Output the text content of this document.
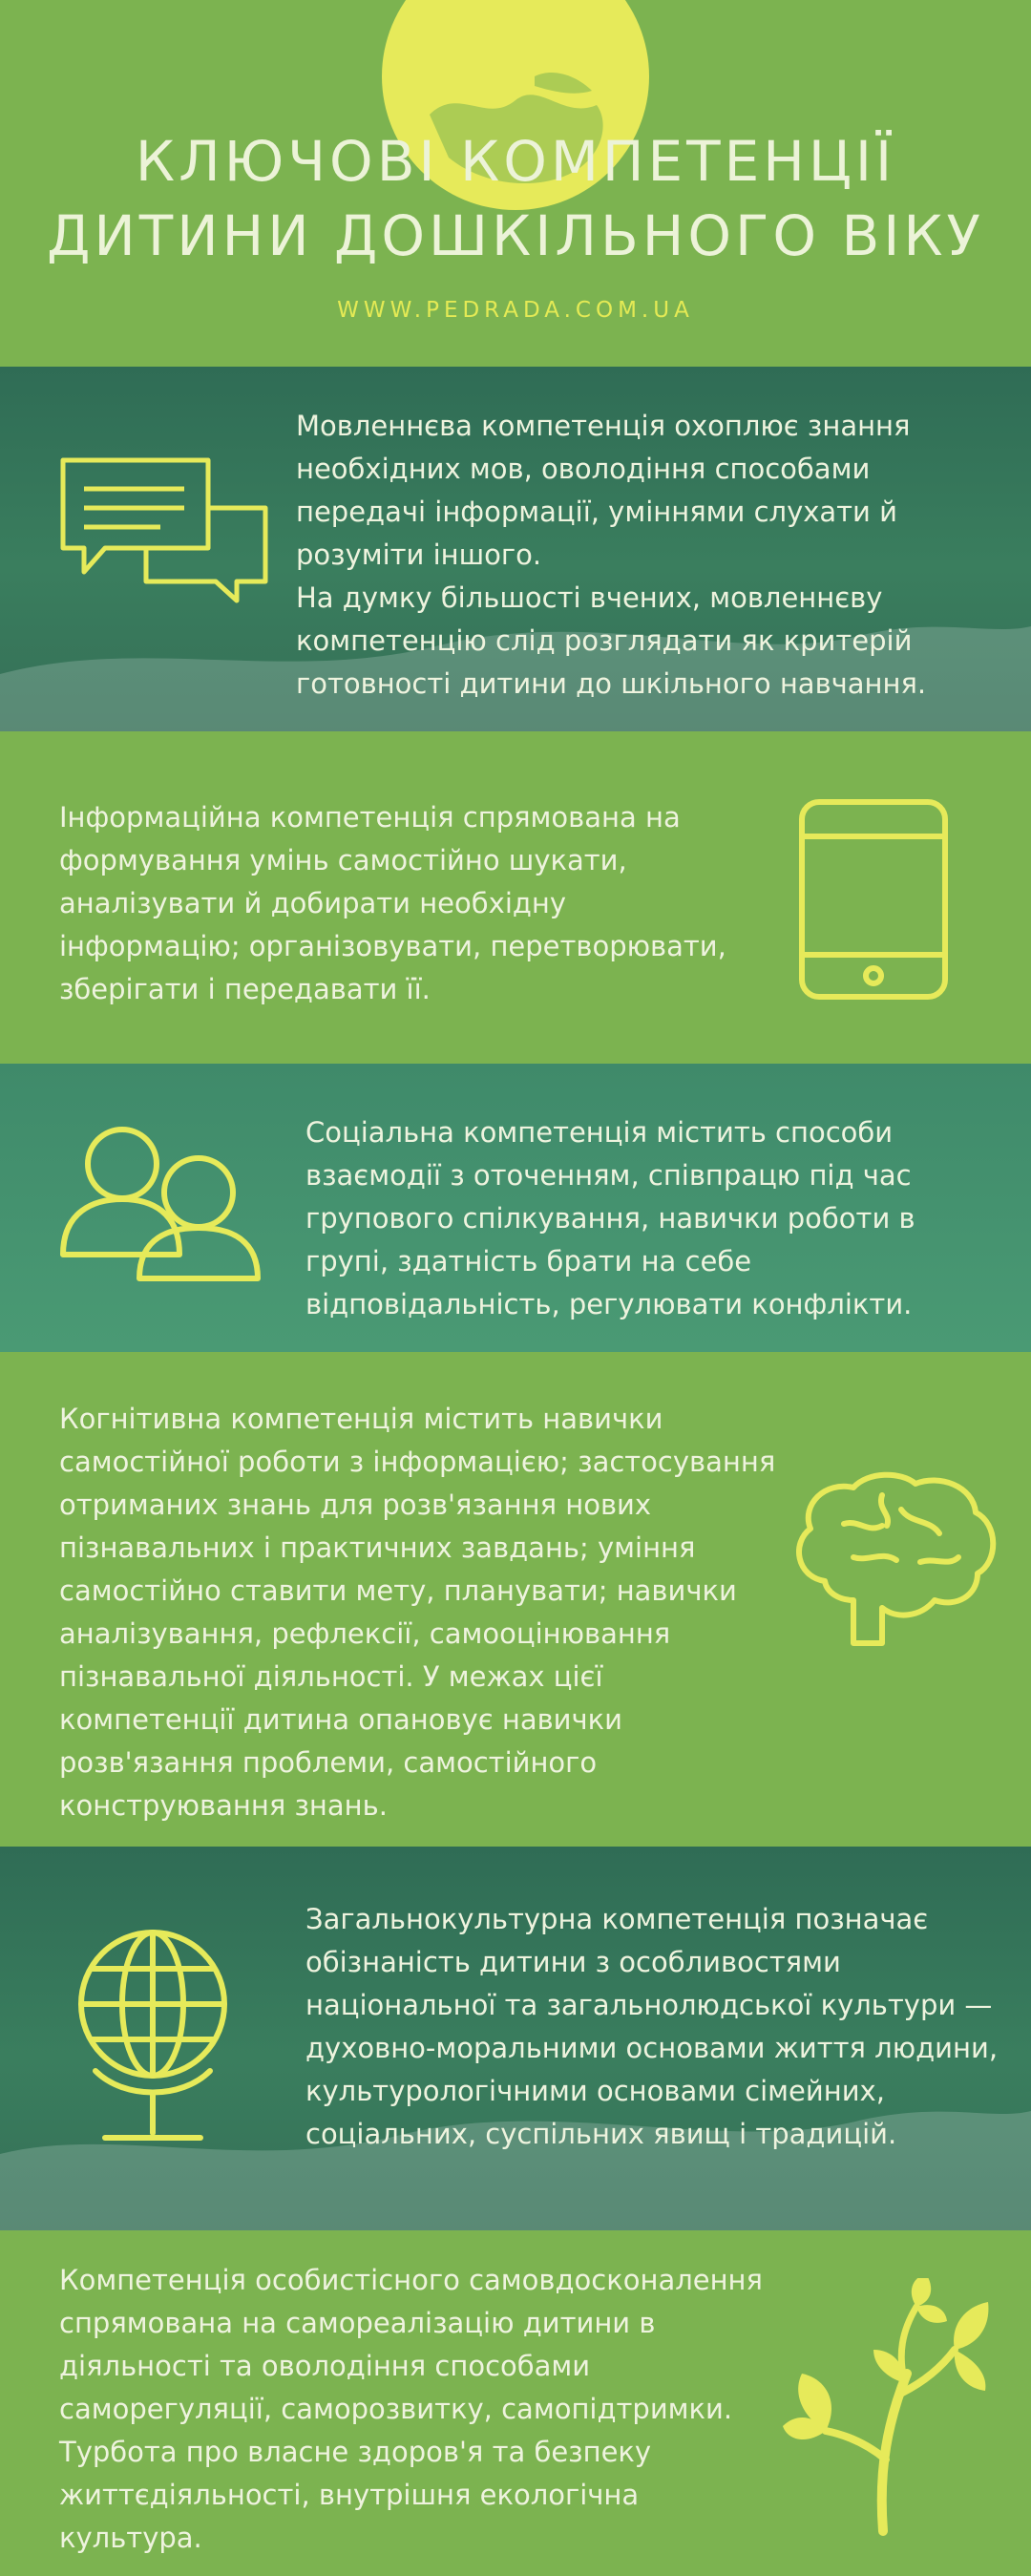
КЛЮЧОВІ КОМПЕТЕНЦІЇ
ДИТИНИ ДОШКІЛЬНОГО ВІКУ
WWW.PEDRADA.COM.UA

Мовленнєва компетенція охоплює знання необхідних мов, оволодіння способами передачі інформації, уміннями слухати й розуміти іншого.

На думку більшості вчених, мовленнєву компетенцію слід розглядати як критерій готовності дитини до шкільного навчання.

Інформаційна компетенція спрямована на формування умінь самостійно шукати, аналізувати й добирати необхідну інформацію; організовувати, перетворювати, зберігати і передавати її.

Соціальна компетенція містить способи взаємодії з оточенням, співпрацю під час групового спілкування, навички роботи в групі, здатність брати на себе відповідальність, регулювати конфлікти.

Когнітивна компетенція містить навички самостійної роботи з інформацією; застосування отриманих знань для розв'язання нових пізнавальних і практичних завдань; уміння самостійно ставити мету, планувати; навички аналізування, рефлексії, самооцінювання пізнавальної діяльності. У межах цієї компетенції дитина опановує навички розв'язання проблеми, самостійного конструювання знань.

Загальнокультурна компетенція позначає обізнаність дитини з особливостями національної та загальнолюдської культури — духовно-моральними основами життя людини, культурологічними основами сімейних, соціальних, суспільних явищ і традицій.

Компетенція особистісного самовдосконалення спрямована на самореалізацію дитини в діяльності та оволодіння способами саморегуляції, саморозвитку, самопідтримки. Турбота про власне здоров'я та безпеку життєдіяльності, внутрішня екологічна культура.
